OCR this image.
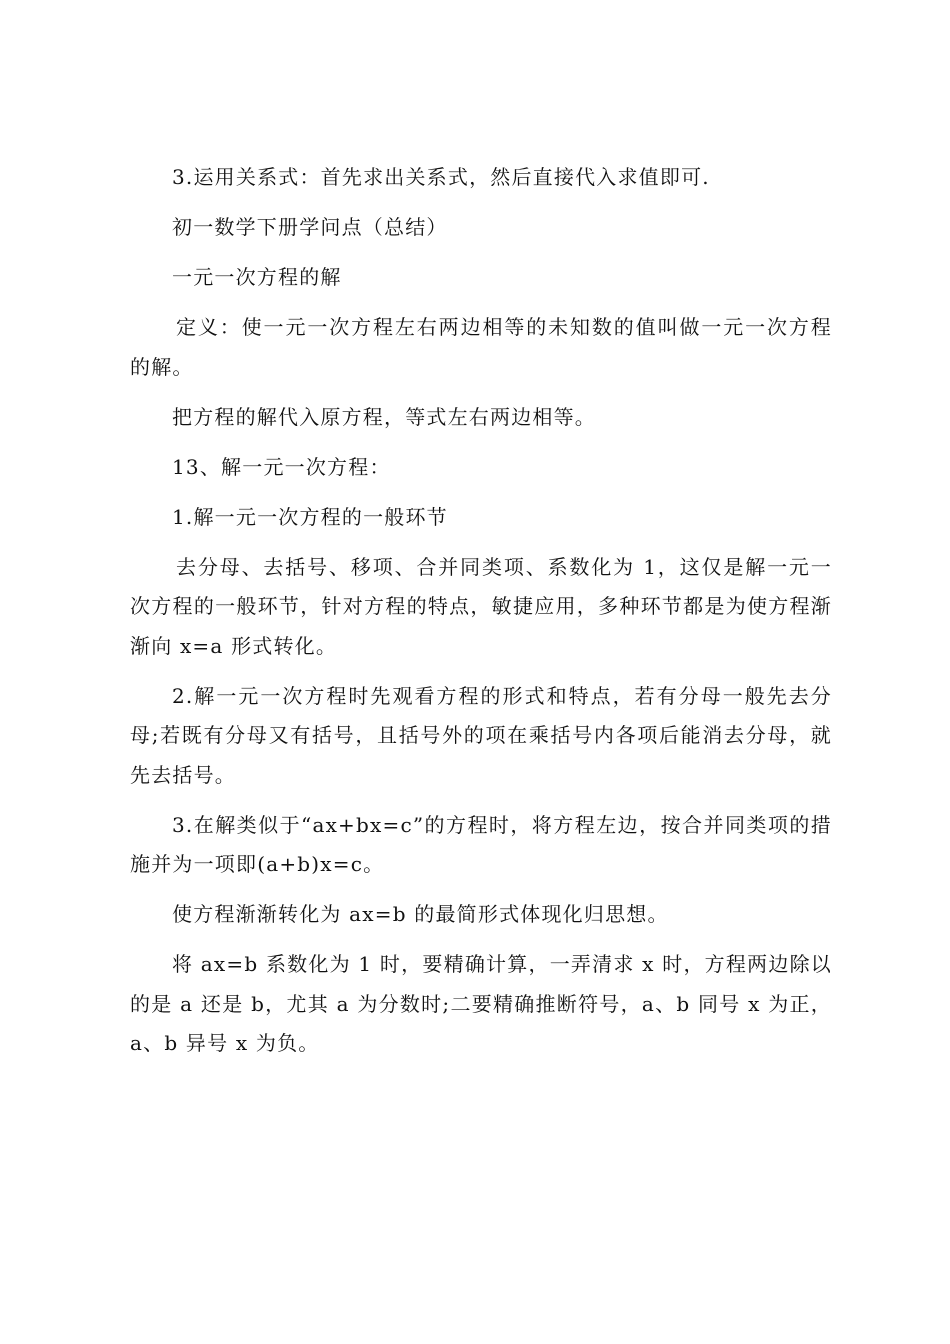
3.运用关系式：首先求出关系式，然后直接代入求值即可.

初一数学下册学问点（总结）

一元一次方程的解

定义：使一元一次方程左右两边相等的未知数的值叫做一元一次方程的解。

把方程的解代入原方程，等式左右两边相等。

13、解一元一次方程：

1.解一元一次方程的一般环节

去分母、去括号、移项、合并同类项、系数化为 1，这仅是解一元一次方程的一般环节，针对方程的特点，敏捷应用，多种环节都是为使方程渐渐向 x=a 形式转化。

2.解一元一次方程时先观看方程的形式和特点，若有分母一般先去分母;若既有分母又有括号，且括号外的项在乘括号内各项后能消去分母，就先去括号。

3.在解类似于“ax+bx=c”的方程时，将方程左边，按合并同类项的措施并为一项即(a+b)x=c。

使方程渐渐转化为 ax=b 的最简形式体现化归思想。

将 ax=b 系数化为 1 时，要精确计算，一弄清求 x 时，方程两边除以的是 a 还是 b，尤其 a 为分数时;二要精确推断符号，a、b 同号 x 为正，a、b 异号 x 为负。
